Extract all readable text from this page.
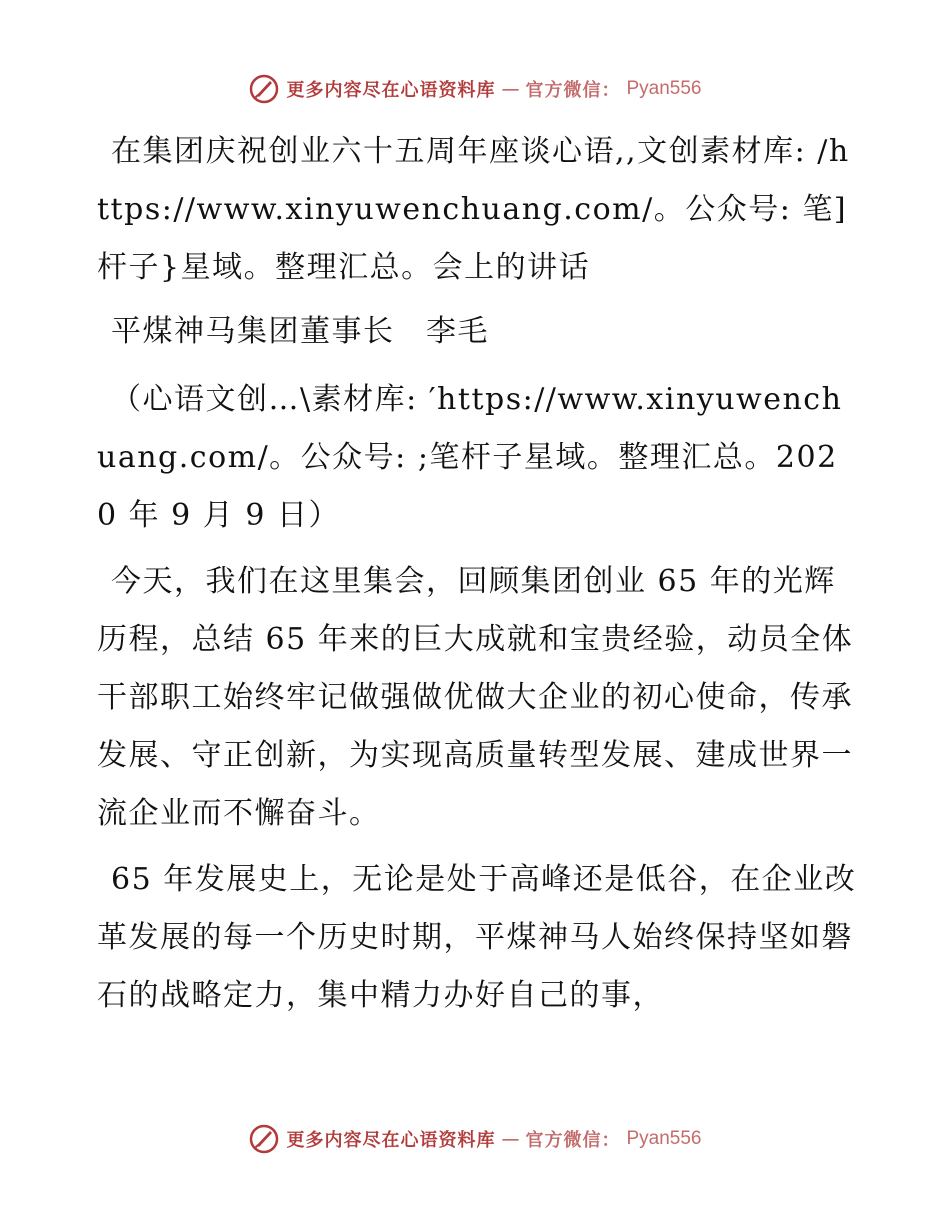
更多内容尽在心语资料库 — 官方微信： Pyan556

在集团庆祝创业六十五周年座谈心语,,文创素材库: /https://www.xinyuwenchuang.com/。公众号: 笔]杆子}星域。整理汇总。会上的讲话

平煤神马集团董事长　李毛

（心语文创…\素材库: ′https://www.xinyuwenchuang.com/。公众号: ;笔杆子星域。整理汇总。2020 年 9 月 9 日）

今天，我们在这里集会，回顾集团创业 65 年的光辉历程，总结 65 年来的巨大成就和宝贵经验，动员全体干部职工始终牢记做强做优做大企业的初心使命，传承发展、守正创新，为实现高质量转型发展、建成世界一流企业而不懈奋斗。

65 年发展史上，无论是处于高峰还是低谷，在企业改革发展的每一个历史时期，平煤神马人始终保持坚如磐石的战略定力，集中精力办好自己的事，

更多内容尽在心语资料库 — 官方微信： Pyan556
